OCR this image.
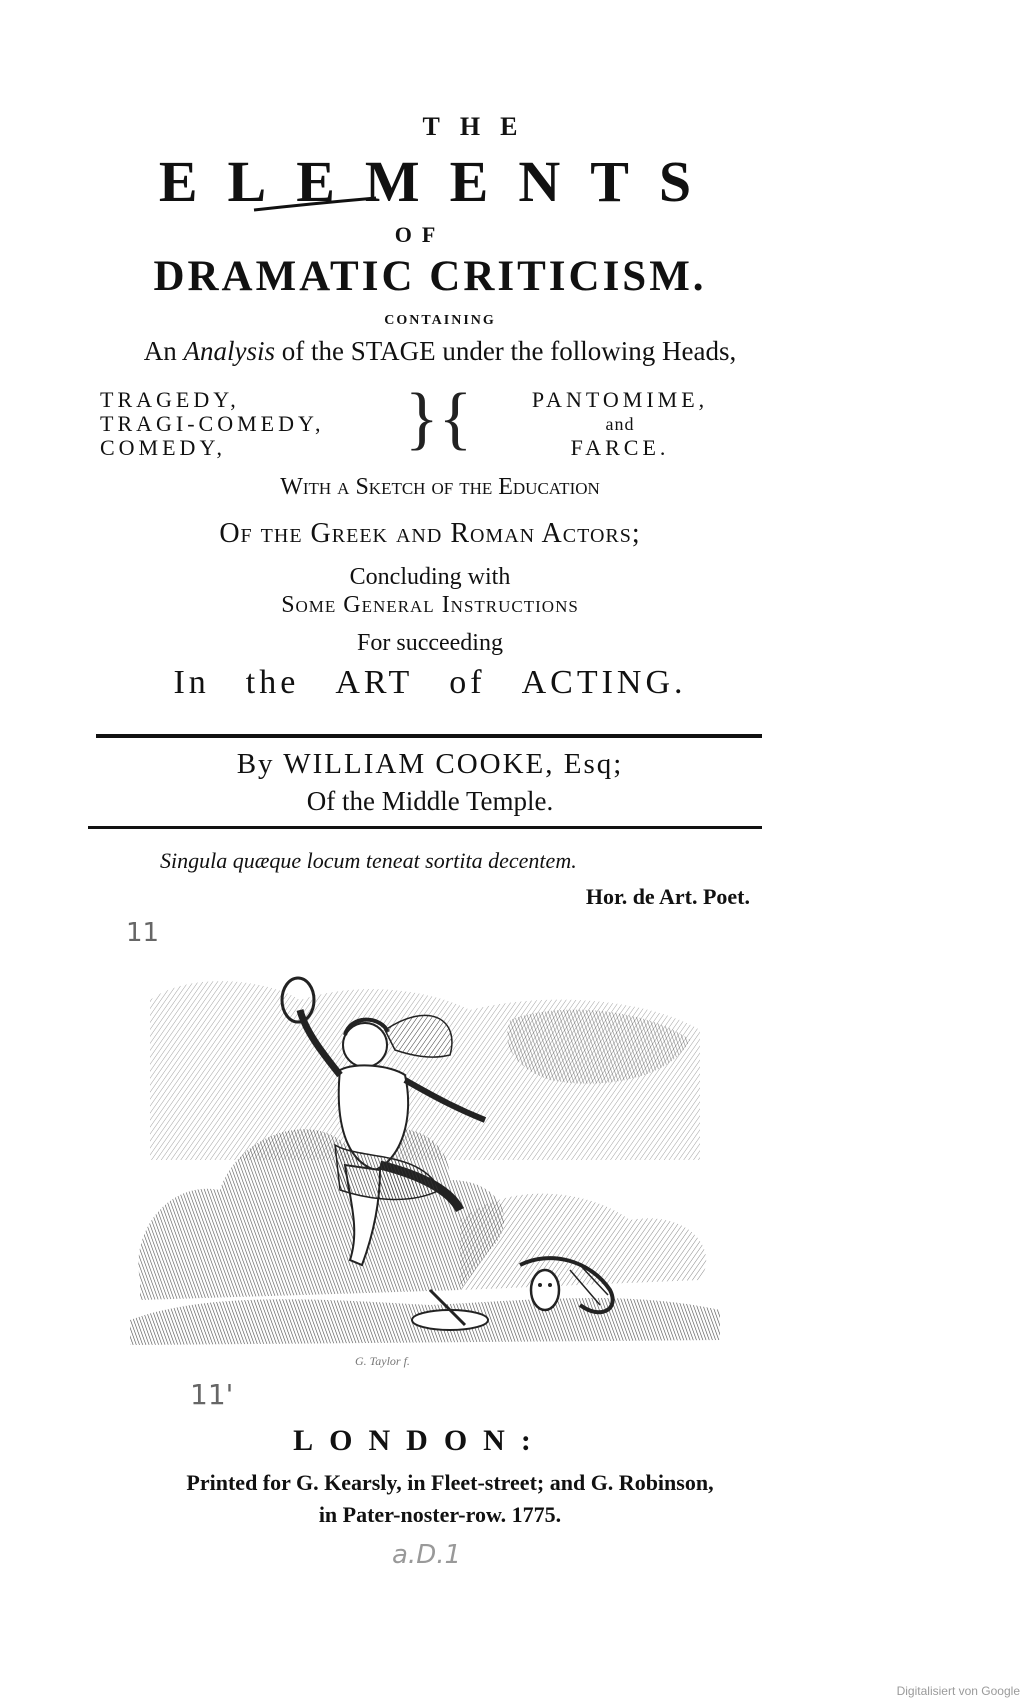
THE
ELEMENTS
OF
DRAMATIC CRITICISM.
CONTAINING
An Analysis of the STAGE under the following Heads,
TRAGEDY,
TRAGI-COMEDY,
COMEDY,	}{	PANTOMIME,
and
FARCE.
With a Sketch of the Education
Of the Greek and Roman Actors;
Concluding with
Some General Instructions
For succeeding
In the ART of ACTING.
By WILLIAM COOKE, Esq;
Of the Middle Temple.
Singula quæque locum teneat sortita decentem.
Hor. de Art. Poet.
11
G. Taylor f.
11'
LONDON:
Printed for G. Kearsly, in Fleet-street; and G. Robinson,
in Pater-noster-row. 1775.
a.D.1
Digitalisiert von Google
